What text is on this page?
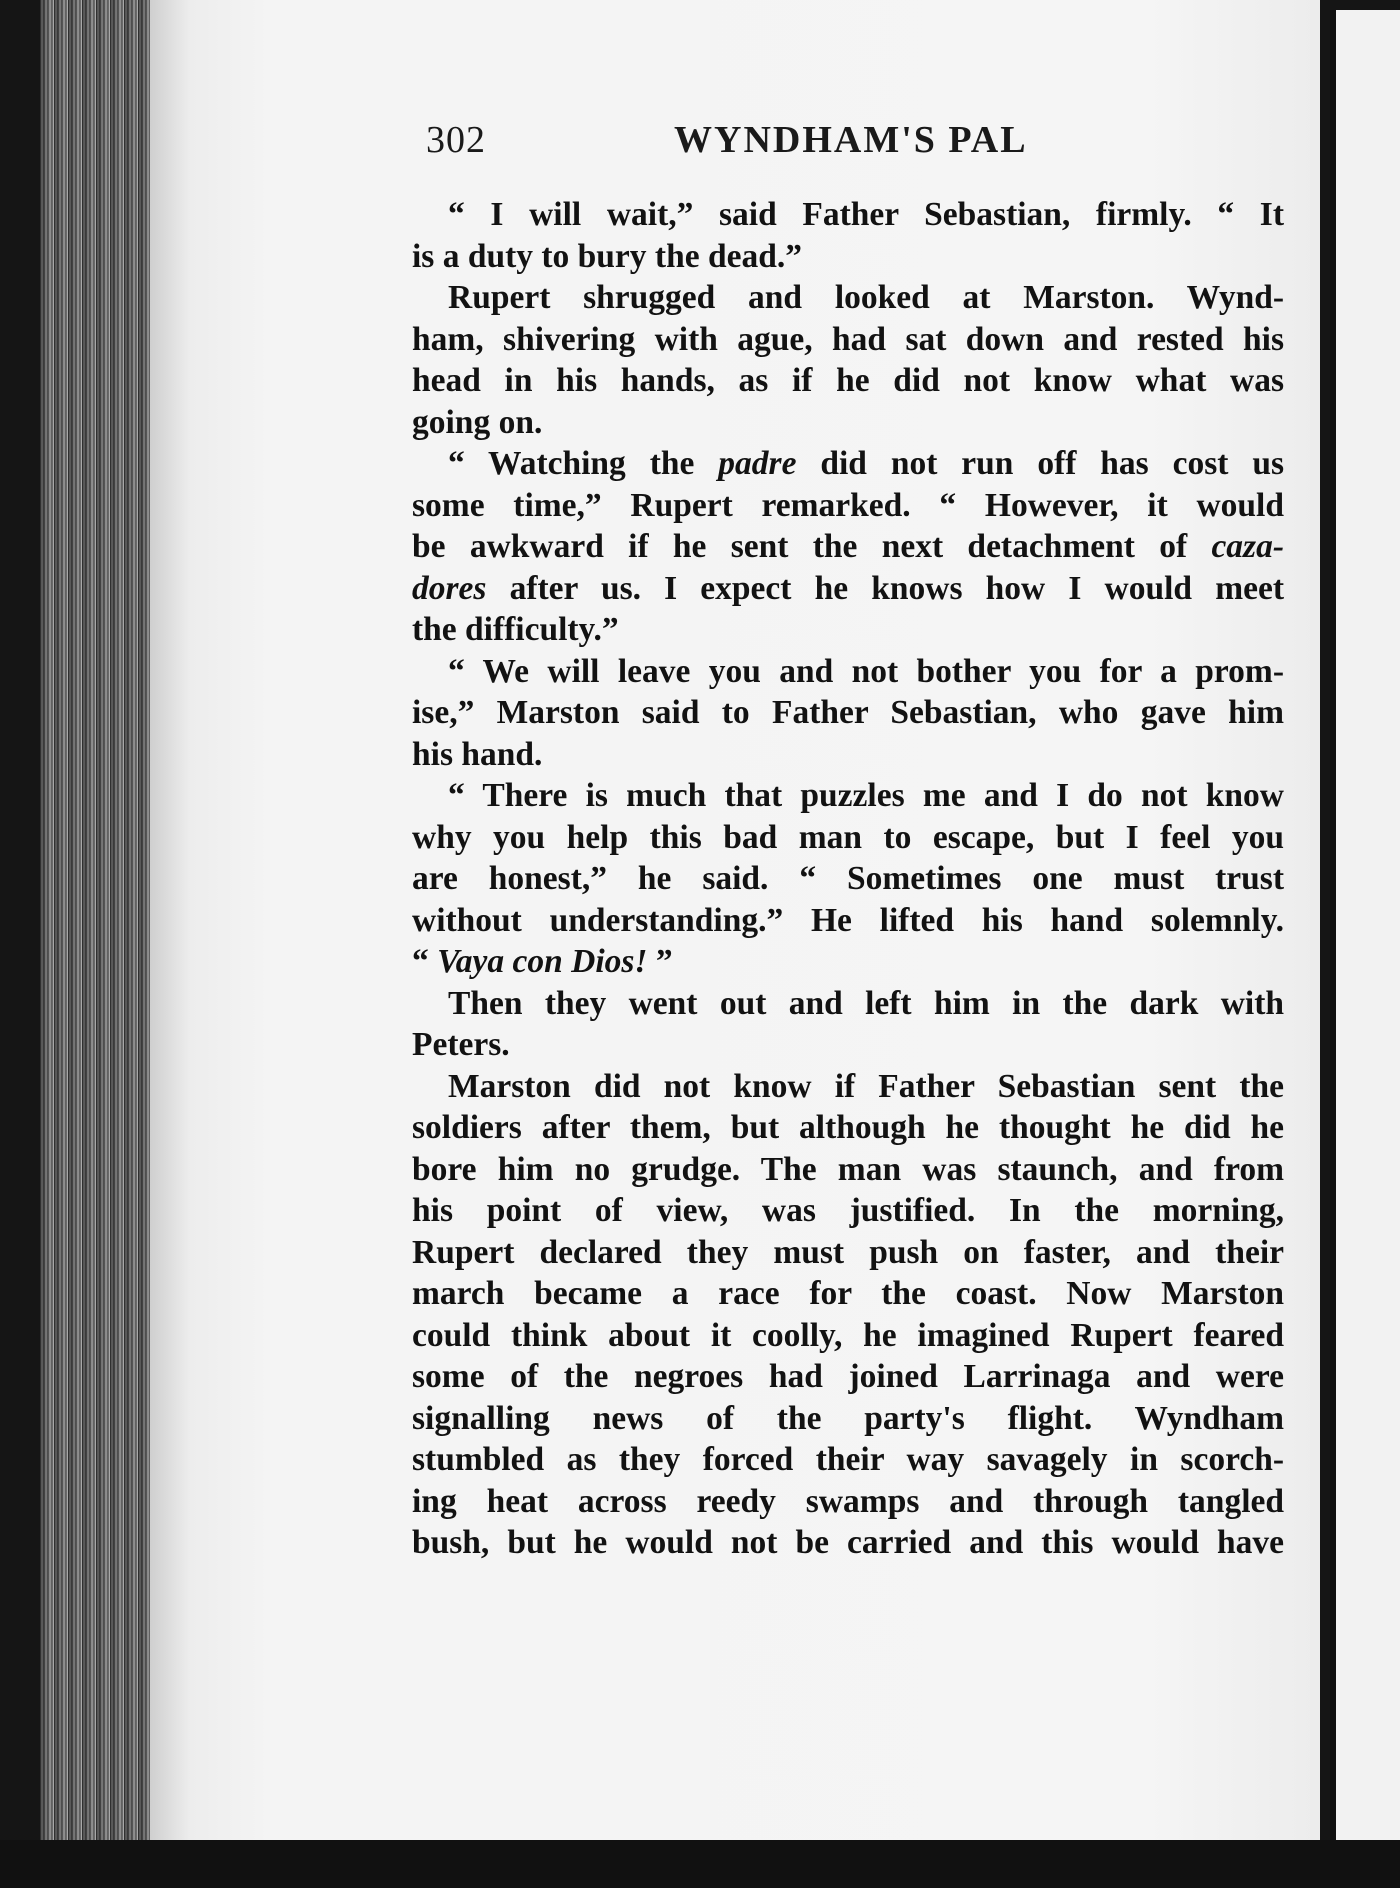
302	WYNDHAM'S PAL
“ I will wait,” said Father Sebastian, firmly. “ It
is a duty to bury the dead.”
Rupert shrugged and looked at Marston. Wynd-
ham, shivering with ague, had sat down and rested his
head in his hands, as if he did not know what was
going on.
“ Watching the padre did not run off has cost us
some time,” Rupert remarked. “ However, it would
be awkward if he sent the next detachment of caza-
dores after us. I expect he knows how I would meet
the difficulty.”
“ We will leave you and not bother you for a prom-
ise,” Marston said to Father Sebastian, who gave him
his hand.
“ There is much that puzzles me and I do not know
why you help this bad man to escape, but I feel you
are honest,” he said. “ Sometimes one must trust
without understanding.” He lifted his hand solemnly.
“ Vaya con Dios! ”
Then they went out and left him in the dark with
Peters.
Marston did not know if Father Sebastian sent the
soldiers after them, but although he thought he did he
bore him no grudge. The man was staunch, and from
his point of view, was justified. In the morning,
Rupert declared they must push on faster, and their
march became a race for the coast. Now Marston
could think about it coolly, he imagined Rupert feared
some of the negroes had joined Larrinaga and were
signalling news of the party's flight. Wyndham
stumbled as they forced their way savagely in scorch-
ing heat across reedy swamps and through tangled
bush, but he would not be carried and this would have
